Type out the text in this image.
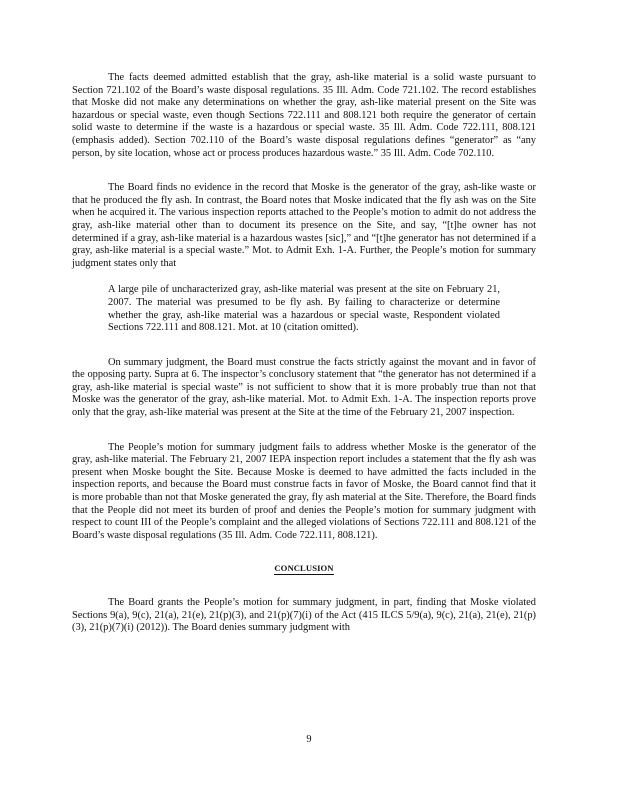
The facts deemed admitted establish that the gray, ash-like material is a solid waste pursuant to Section 721.102 of the Board’s waste disposal regulations. 35 Ill. Adm. Code 721.102. The record establishes that Moske did not make any determinations on whether the gray, ash-like material present on the Site was hazardous or special waste, even though Sections 722.111 and 808.121 both require the generator of certain solid waste to determine if the waste is a hazardous or special waste. 35 Ill. Adm. Code 722.111, 808.121 (emphasis added). Section 702.110 of the Board’s waste disposal regulations defines “generator” as “any person, by site location, whose act or process produces hazardous waste.” 35 Ill. Adm. Code 702.110.

The Board finds no evidence in the record that Moske is the generator of the gray, ash-like waste or that he produced the fly ash. In contrast, the Board notes that Moske indicated that the fly ash was on the Site when he acquired it. The various inspection reports attached to the People’s motion to admit do not address the gray, ash-like material other than to document its presence on the Site, and say, “[t]he owner has not determined if a gray, ash-like material is a hazardous wastes [sic],” and “[t]he generator has not determined if a gray, ash-like material is a special waste.” Mot. to Admit Exh. 1-A. Further, the People’s motion for summary judgment states only that

A large pile of uncharacterized gray, ash-like material was present at the site on February 21, 2007. The material was presumed to be fly ash. By failing to characterize or determine whether the gray, ash-like material was a hazardous or special waste, Respondent violated Sections 722.111 and 808.121. Mot. at 10 (citation omitted).

On summary judgment, the Board must construe the facts strictly against the movant and in favor of the opposing party. Supra at 6. The inspector’s conclusory statement that “the generator has not determined if a gray, ash-like material is special waste” is not sufficient to show that it is more probably true than not that Moske was the generator of the gray, ash-like material. Mot. to Admit Exh. 1-A. The inspection reports prove only that the gray, ash-like material was present at the Site at the time of the February 21, 2007 inspection.

The People’s motion for summary judgment fails to address whether Moske is the generator of the gray, ash-like material. The February 21, 2007 IEPA inspection report includes a statement that the fly ash was present when Moske bought the Site. Because Moske is deemed to have admitted the facts included in the inspection reports, and because the Board must construe facts in favor of Moske, the Board cannot find that it is more probable than not that Moske generated the gray, fly ash material at the Site. Therefore, the Board finds that the People did not meet its burden of proof and denies the People’s motion for summary judgment with respect to count III of the People’s complaint and the alleged violations of Sections 722.111 and 808.121 of the Board’s waste disposal regulations (35 Ill. Adm. Code 722.111, 808.121).

CONCLUSION

The Board grants the People’s motion for summary judgment, in part, finding that Moske violated Sections 9(a), 9(c), 21(a), 21(e), 21(p)(3), and 21(p)(7)(i) of the Act (415 ILCS 5/9(a), 9(c), 21(a), 21(e), 21(p)(3), 21(p)(7)(i) (2012)). The Board denies summary judgment with

9
